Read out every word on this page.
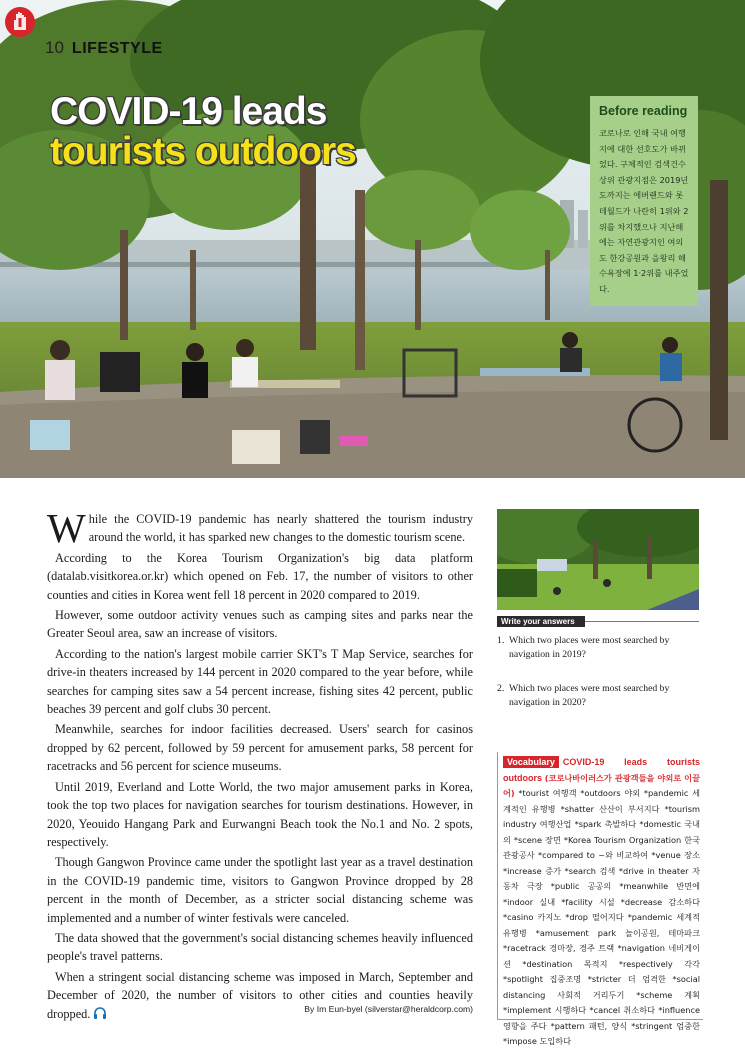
10 LIFESTYLE
COVID-19 leads
tourists outdoors
Before reading
코로나로 인해 국내 여행지에 대한 선호도가 바뀌었다. 구체적인 검색건수 상위 관광지점은 2019년도까지는 에버랜드와 롯데월드가 나란히 1위와 2위를 차지했으나 지난해에는 자연관광지인 여의도 한강공원과 을왕리 해수욕장에 1·2위를 내주었다.

While the COVID-19 pandemic has nearly shattered the tourism industry around the world, it has sparked new changes to the domestic tourism scene.

According to the Korea Tourism Organization's big data platform (datalab.visitkorea.or.kr) which opened on Feb. 17, the number of visitors to other counties and cities in Korea went fell 18 percent in 2020 compared to 2019.

However, some outdoor activity venues such as camping sites and parks near the Greater Seoul area, saw an increase of visitors.

According to the nation's largest mobile carrier SKT's T Map Service, searches for drive-in theaters increased by 144 percent in 2020 compared to the year before, while searches for camping sites saw a 54 percent increase, fishing sites 42 percent, public beaches 39 percent and golf clubs 30 percent.

Meanwhile, searches for indoor facilities decreased. Users' search for casinos dropped by 62 percent, followed by 59 percent for amusement parks, 58 percent for racetracks and 56 percent for science museums.

Until 2019, Everland and Lotte World, the two major amusement parks in Korea, took the top two places for navigation searches for tourism destinations. However, in 2020, Yeouido Hangang Park and Eurwangni Beach took the No.1 and No. 2 spots, respectively.

Though Gangwon Province came under the spotlight last year as a travel destination in the COVID-19 pandemic time, visitors to Gangwon Province dropped by 28 percent in the month of December, as a stricter social distancing scheme was implemented and a number of winter festivals were canceled.

The data showed that the government's social distancing schemes heavily influenced people's travel patterns.

When a stringent social distancing scheme was imposed in March, September and December of 2020, the number of visitors to other cities and counties heavily dropped.	By Im Eun-byel (silverstar@heraldcorp.com)
Write your answers
1. Which two places were most searched by navigation in 2019?
2. Which two places were most searched by navigation in 2020?
Vocabulary COVID-19 leads tourists outdoors (코로나바이러스가 관광객들을 야외로 이끌어) *tourist 여행객 *outdoors 야외 *pandemic 세계적인 유행병 *shatter 산산이 부서지다 *tourism industry 여행산업 *spark 촉발하다 *domestic 국내의 *scene 장면 *Korea Tourism Organization 한국 관광공사 *compared to ~와 비교하여 *venue 장소 *increase 증가 *search 검색 *drive in theater 자동차 극장 *public 공공의 *meanwhile 반면에 *indoor 실내 *facility 시설 *decrease 감소하다 *casino 카지노 *drop 떨어지다 *pandemic 세계적 유행병 *amusement park 놀이공원, 테마파크 *racetrack 경마장, 경주 트랙 *navigation 네비게이션 *destination 목적지 *respectively 각각 *spotlight 집중조명 *stricter 더 엄격한 *social distancing 사회적 거리두기 *scheme 계획 *implement 시행하다 *cancel 취소하다 *influence 영향을 주다 *pattern 패턴, 양식 *stringent 엄중한 *impose 도입하다
